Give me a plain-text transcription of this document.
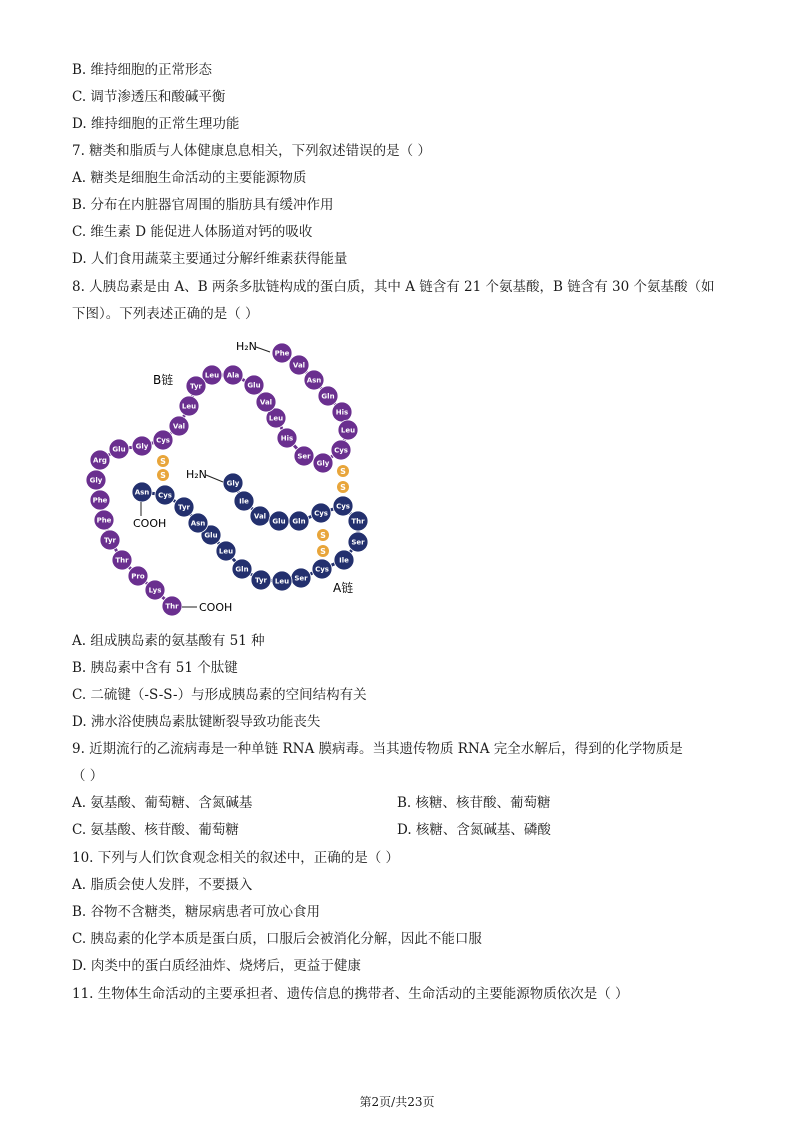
B. 维持细胞的正常形态
C. 调节渗透压和酸碱平衡
D. 维持细胞的正常生理功能
7. 糖类和脂质与人体健康息息相关，下列叙述错误的是（ ）
A. 糖类是细胞生命活动的主要能源物质
B. 分布在内脏器官周围的脂肪具有缓冲作用
C. 维生素 D 能促进人体肠道对钙的吸收
D. 人们食用蔬菜主要通过分解纤维素获得能量
8. 人胰岛素是由 A、B 两条多肽链构成的蛋白质，其中 A 链含有 21 个氨基酸，B 链含有 30 个氨基酸（如
下图）。下列表述正确的是（ ）
Phe
Val
Asn
Gln
His
Leu
Cys
Gly
Ser
His
Leu
Val
Glu
Ala
Leu
Tyr
Leu
Val
Cys
Gly
Glu
Arg
Gly
Phe
Phe
Tyr
Thr
Pro
Lys
Thr
Gly
Ile
Val
Glu Gln
Cys
Cys
Thr
Ser
Ile
Cys
Ser
Leu
Tyr
Gln
Leu
Glu
Asn
Tyr
Cys
Asn
S
S	S
S
S
S
B链
A链
H₂N
H₂N
COOH
COOH
A. 组成胰岛素的氨基酸有 51 种
B. 胰岛素中含有 51 个肽键
C. 二硫键（-S-S-）与形成胰岛素的空间结构有关
D. 沸水浴使胰岛素肽键断裂导致功能丧失
9. 近期流行的乙流病毒是一种单链 RNA 膜病毒。当其遗传物质 RNA 完全水解后，得到的化学物质是
（ ）
A. 氨基酸、葡萄糖、含氮碱基	B. 核糖、核苷酸、葡萄糖
C. 氨基酸、核苷酸、葡萄糖	D. 核糖、含氮碱基、磷酸
10. 下列与人们饮食观念相关的叙述中，正确的是（ ）
A. 脂质会使人发胖，不要摄入
B. 谷物不含糖类，糖尿病患者可放心食用
C. 胰岛素的化学本质是蛋白质，口服后会被消化分解，因此不能口服
D. 肉类中的蛋白质经油炸、烧烤后，更益于健康
11. 生物体生命活动的主要承担者、遗传信息的携带者、生命活动的主要能源物质依次是（ ）
第2页/共23页
